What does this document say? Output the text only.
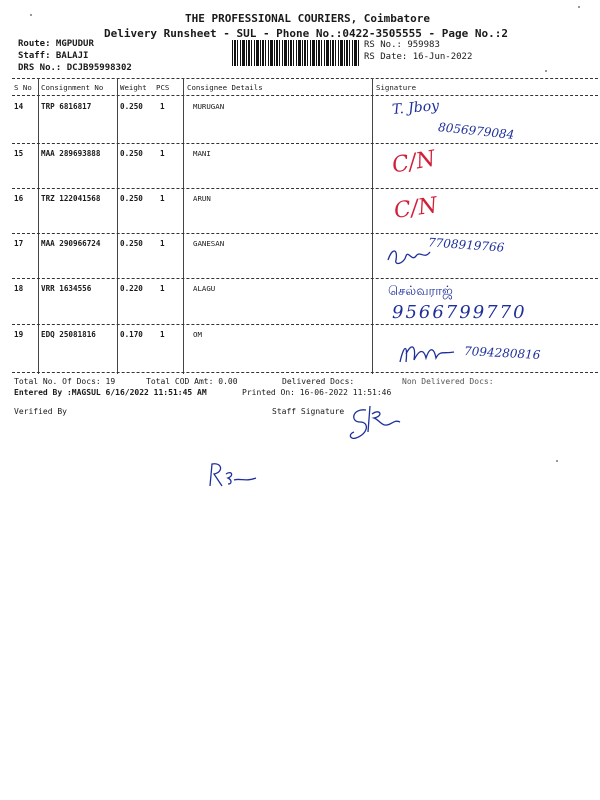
THE PROFESSIONAL COURIERS, Coimbatore
Delivery Runsheet - SUL - Phone No.:0422-3505555 - Page No.:2
Route: MGPUDUR
Staff: BALAJI
DRS No.: DCJB95998302
RS No.: 959983
RS Date: 16-Jun-2022
S No Consignment No Weight PCS Consignee Details	Signature
14 TRP 6816817	0.250 1	MURUGAN	T. Jboy
8056979084
15 MAA 289693888	0.250 1	MANI	C/N
16 TRZ 122041568	0.250 1	ARUN	C/N
17 MAA 290966724	0.250 1	GANESAN	7708919766
18 VRR 1634556	0.220 1	ALAGU	செல்வராஜ்
9566799770
19 EDQ 25081816	0.170 1	OM
7094280816
Total No. Of Docs: 19	Total COD Amt: 0.00	Delivered Docs:	Non Delivered Docs:
Entered By :MAGSUL 6/16/2022 11:51:45 AM	Printed On: 16-06-2022 11:51:46
Verified By	Staff Signature
